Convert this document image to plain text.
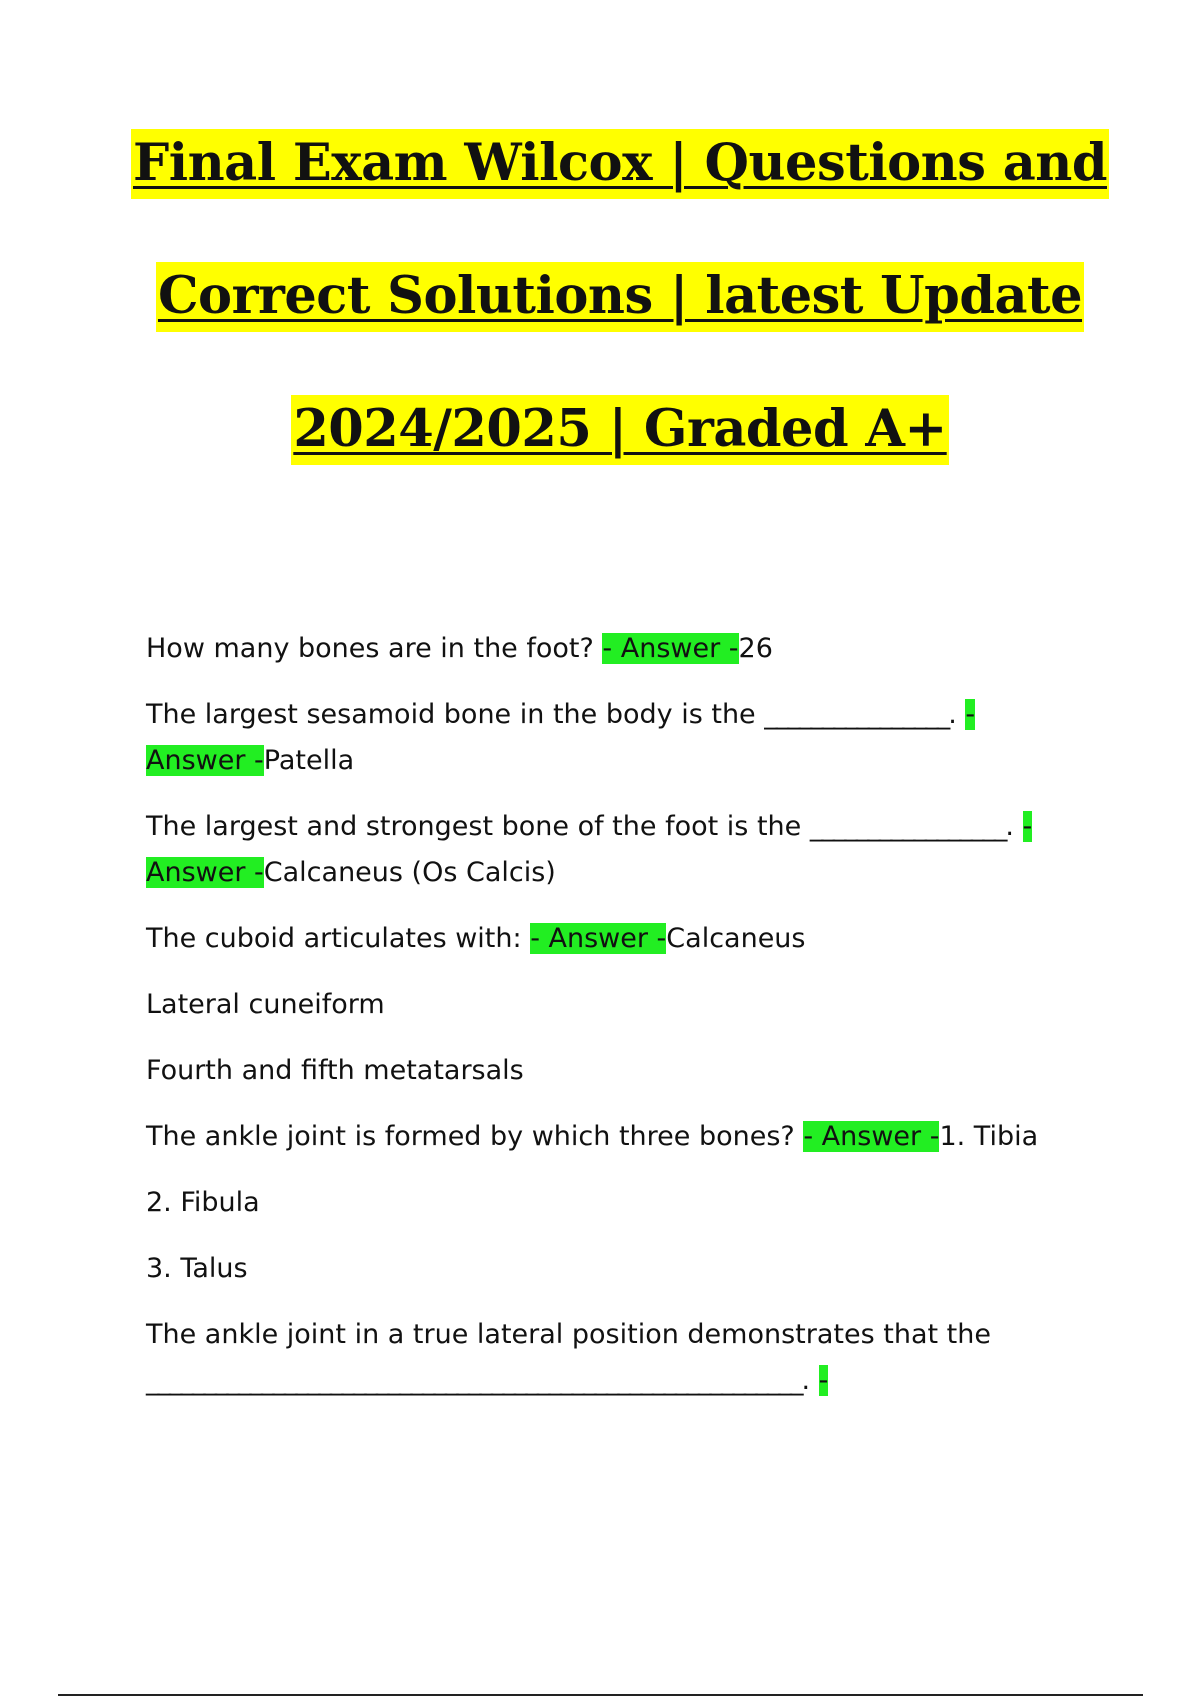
Final Exam Wilcox | Questions and
Correct Solutions | latest Update
2024/2025 | Graded A+

How many bones are in the foot? - Answer -26

The largest sesamoid bone in the body is the ________________. -
Answer -Patella

The largest and strongest bone of the foot is the _________________. -
Answer -Calcaneus (Os Calcis)

The cuboid articulates with: - Answer -Calcaneus

Lateral cuneiform

Fourth and fifth metatarsals

The ankle joint is formed by which three bones? - Answer -1. Tibia

2. Fibula

3. Talus

The ankle joint in a true lateral position demonstrates that the
_________________________________________________________. -
